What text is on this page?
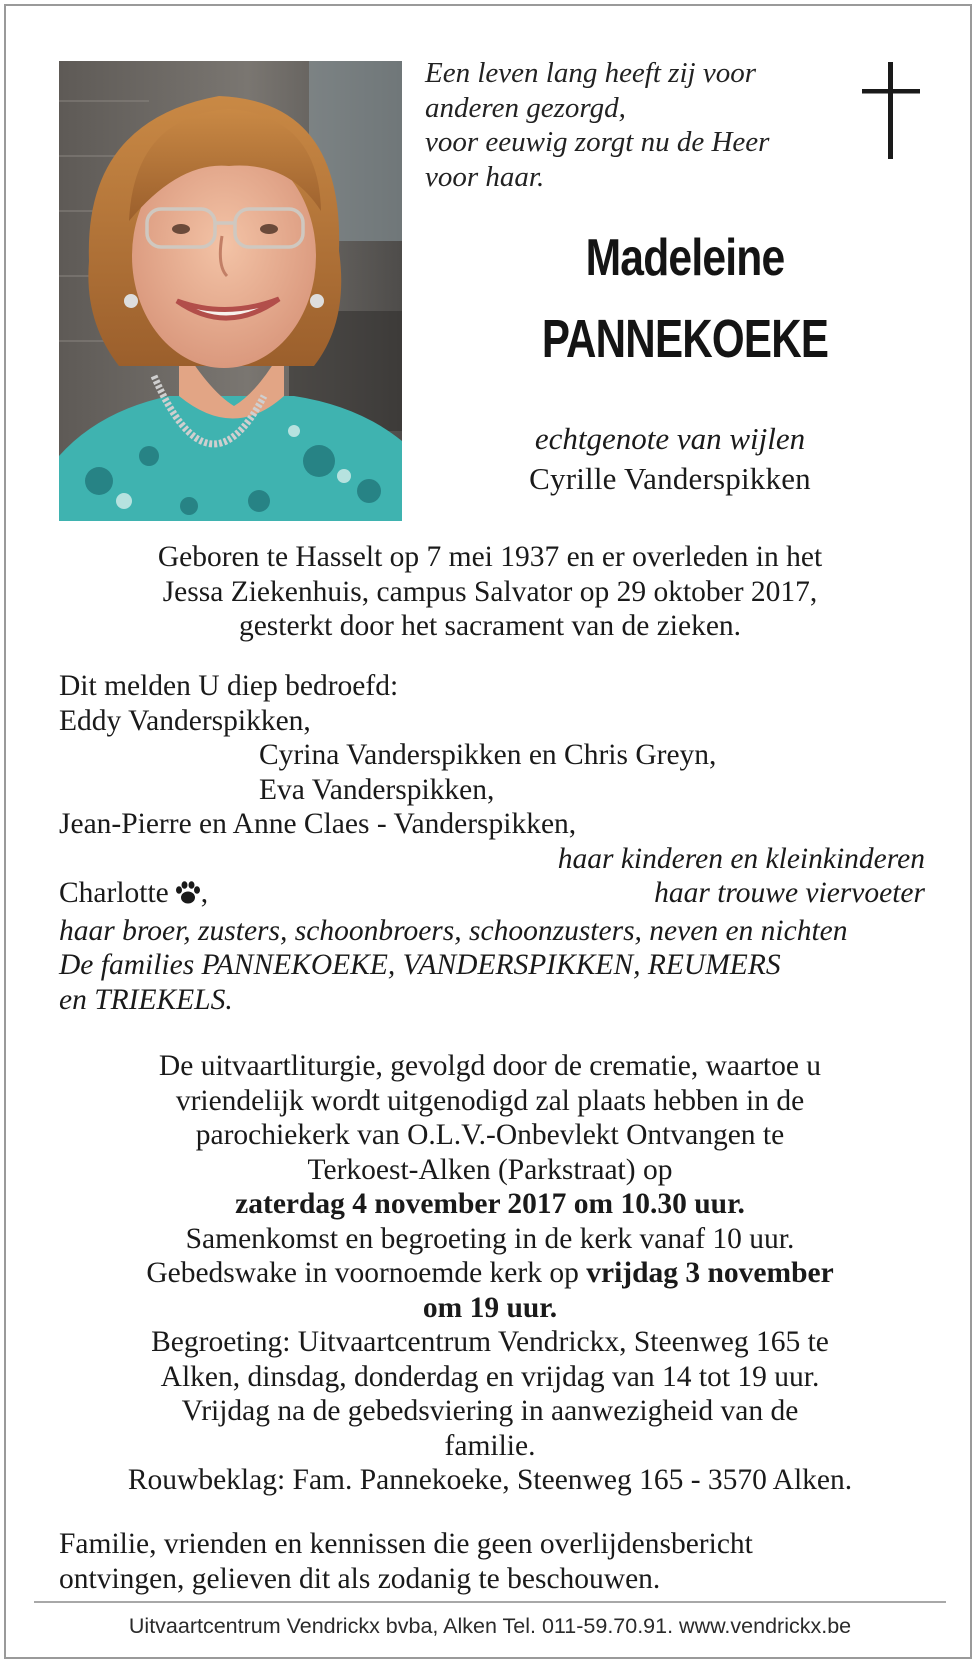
Een leven lang heeft zij voor
anderen gezorgd,
voor eeuwig zorgt nu de Heer
voor haar.
Madeleine
PANNEKOEKE
echtgenote van wijlen
Cyrille Vanderspikken
Geboren te Hasselt op 7 mei 1937 en er overleden in het
Jessa Ziekenhuis, campus Salvator op 29 oktober 2017,
gesterkt door het sacrament van de zieken.
Dit melden U diep bedroefd:
Eddy Vanderspikken,
Cyrina Vanderspikken en Chris Greyn,
Eva Vanderspikken,
Jean-Pierre en Anne Claes - Vanderspikken,
haar kinderen en kleinkinderen
Charlotte ,	haar trouwe viervoeter
haar broer, zusters, schoonbroers, schoonzusters, neven en nichten
De families PANNEKOEKE, VANDERSPIKKEN, REUMERS
en TRIEKELS.
De uitvaartliturgie, gevolgd door de crematie, waartoe u
vriendelijk wordt uitgenodigd zal plaats hebben in de
parochiekerk van O.L.V.-Onbevlekt Ontvangen te
Terkoest-Alken (Parkstraat) op
zaterdag 4 november 2017 om 10.30 uur.
Samenkomst en begroeting in de kerk vanaf 10 uur.
Gebedswake in voornoemde kerk op vrijdag 3 november
om 19 uur.
Begroeting: Uitvaartcentrum Vendrickx, Steenweg 165 te
Alken, dinsdag, donderdag en vrijdag van 14 tot 19 uur.
Vrijdag na de gebedsviering in aanwezigheid van de
familie.
Rouwbeklag: Fam. Pannekoeke, Steenweg 165 - 3570 Alken.
Familie, vrienden en kennissen die geen overlijdensbericht
ontvingen, gelieven dit als zodanig te beschouwen.
Uitvaartcentrum Vendrickx bvba, Alken Tel. 011-59.70.91. www.vendrickx.be
